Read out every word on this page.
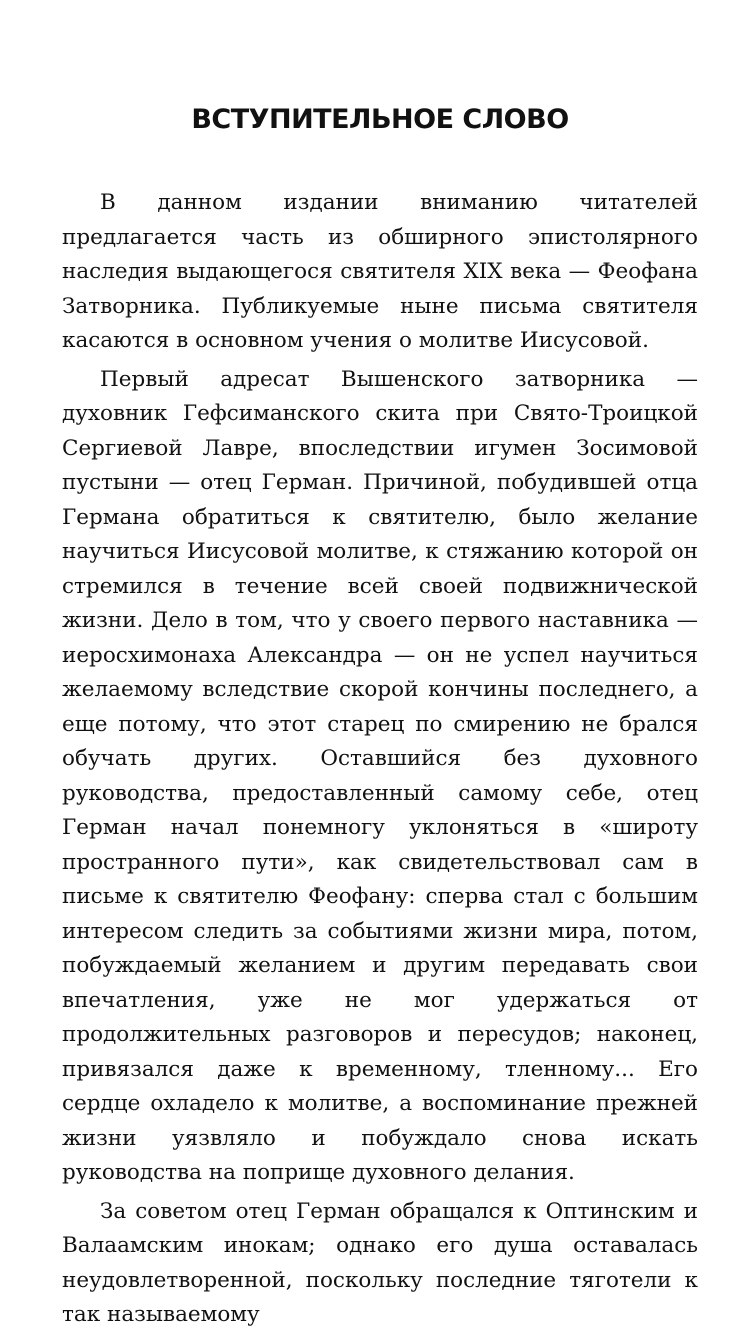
ВСТУПИТЕЛЬНОЕ СЛОВО

В данном издании вниманию читателей предлагается часть из обширного эпистолярного наследия выдающегося святителя XIX века — Феофана Затворника. Публикуемые ныне письма святителя касаются в основном учения о молитве Иисусовой.

Первый адресат Вышенского затворника — духовник Гефсиманского скита при Свято-Троицкой Сергиевой Лавре, впоследствии игумен Зосимовой пустыни — отец Герман. Причиной, побудившей отца Германа обратиться к святителю, было желание научиться Иисусовой молитве, к стяжанию которой он стремился в течение всей своей подвижнической жизни. Дело в том, что у своего первого наставника — иеросхимонаха Александра — он не успел научиться желаемому вследствие скорой кончины последнего, а еще потому, что этот старец по смирению не брался обучать других. Оставшийся без духовного руководства, предоставленный самому себе, отец Герман начал понемногу уклоняться в «широту пространного пути», как свидетельствовал сам в письме к святителю Феофану: сперва стал с большим интересом следить за событиями жизни мира, потом, побуждаемый желанием и другим передавать свои впечатления, уже не мог удержаться от продолжительных разговоров и пересудов; наконец, привязался даже к временному, тленному... Его сердце охладело к молитве, а воспоминание прежней жизни уязвляло и побуждало снова искать руководства на поприще духовного делания.

За советом отец Герман обращался к Оптинским и Валаамским инокам; однако его душа оставалась неудовлетворенной, поскольку последние тяготели к так называемому
